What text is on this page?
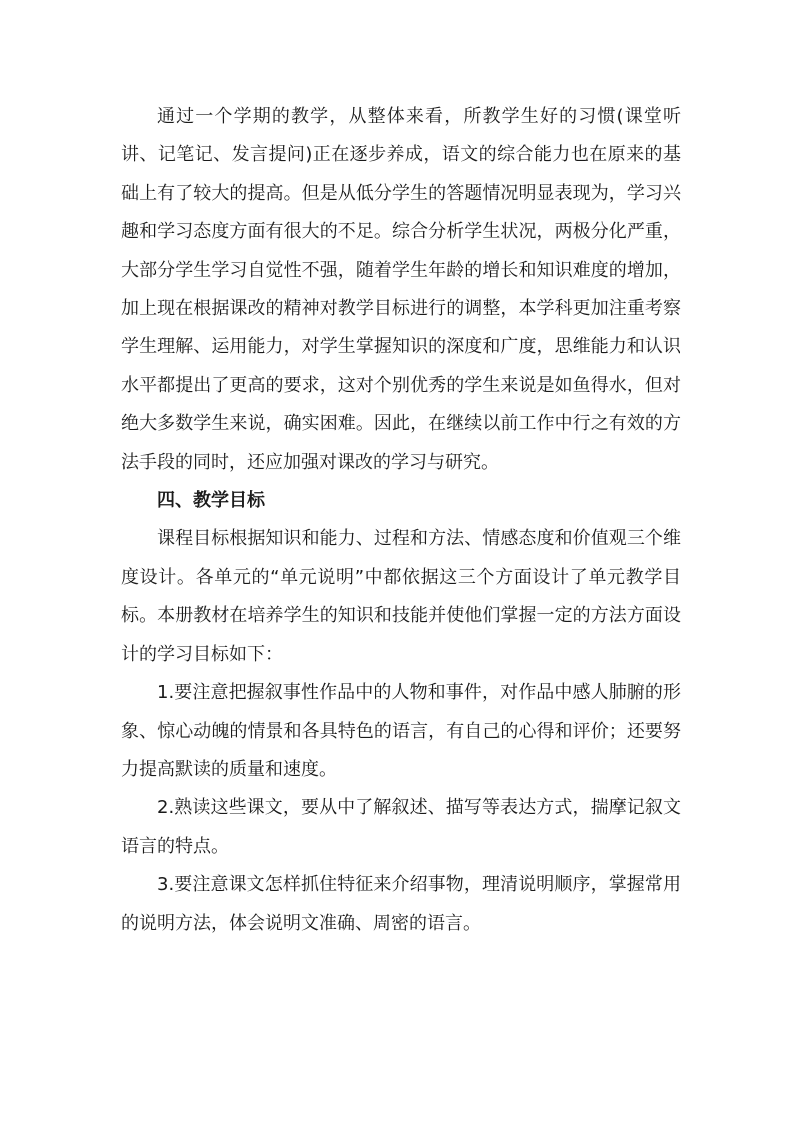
通过一个学期的教学，从整体来看，所教学生好的习惯(课堂听讲、记笔记、发言提问)正在逐步养成，语文的综合能力也在原来的基础上有了较大的提高。但是从低分学生的答题情况明显表现为，学习兴趣和学习态度方面有很大的不足。综合分析学生状况，两极分化严重，大部分学生学习自觉性不强，随着学生年龄的增长和知识难度的增加，加上现在根据课改的精神对教学目标进行的调整，本学科更加注重考察学生理解、运用能力，对学生掌握知识的深度和广度，思维能力和认识水平都提出了更高的要求，这对个别优秀的学生来说是如鱼得水，但对绝大多数学生来说，确实困难。因此，在继续以前工作中行之有效的方法手段的同时，还应加强对课改的学习与研究。

四、教学目标

课程目标根据知识和能力、过程和方法、情感态度和价值观三个维度设计。各单元的“单元说明”中都依据这三个方面设计了单元教学目标。本册教材在培养学生的知识和技能并使他们掌握一定的方法方面设计的学习目标如下：

1.要注意把握叙事性作品中的人物和事件，对作品中感人肺腑的形象、惊心动魄的情景和各具特色的语言，有自己的心得和评价；还要努力提高默读的质量和速度。

2.熟读这些课文，要从中了解叙述、描写等表达方式，揣摩记叙文语言的特点。

3.要注意课文怎样抓住特征来介绍事物，理清说明顺序，掌握常用的说明方法，体会说明文准确、周密的语言。
